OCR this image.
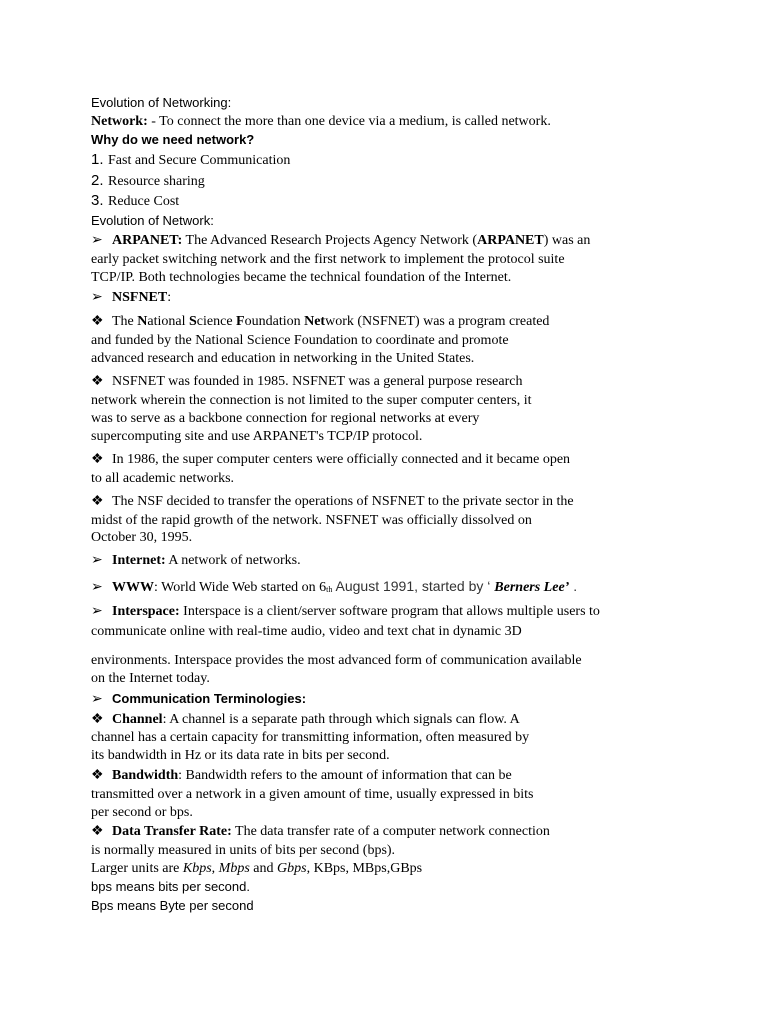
Evolution of Networking:
Network: - To connect the more than one device via a medium, is called network.
Why do we need network?
1. Fast and Secure Communication
2. Resource sharing
3. Reduce Cost
Evolution of Network:
➢ ARPANET: The Advanced Research Projects Agency Network (ARPANET) was an
early packet switching network and the first network to implement the protocol suite
TCP/IP. Both technologies became the technical foundation of the Internet.
➢ NSFNET:
❖ The National Science Foundation Network (NSFNET) was a program created
and funded by the National Science Foundation to coordinate and promote
advanced research and education in networking in the United States.
❖ NSFNET was founded in 1985. NSFNET was a general purpose research
network wherein the connection is not limited to the super computer centers, it
was to serve as a backbone connection for regional networks at every
supercomputing site and use ARPANET's TCP/IP protocol.
❖ In 1986, the super computer centers were officially connected and it became open
to all academic networks.
❖ The NSF decided to transfer the operations of NSFNET to the private sector in the
midst of the rapid growth of the network. NSFNET was officially dissolved on
October 30, 1995.
➢ Internet: A network of networks.
➢ WWW: World Wide Web started on 6th August 1991, started by ‘ Berners Lee’ .
➢ Interspace: Interspace is a client/server software program that allows multiple users to
communicate online with real-time audio, video and text chat in dynamic 3D
environments. Interspace provides the most advanced form of communication available
on the Internet today.
➢ Communication Terminologies:
❖ Channel: A channel is a separate path through which signals can flow. A
channel has a certain capacity for transmitting information, often measured by
its bandwidth in Hz or its data rate in bits per second.
❖ Bandwidth: Bandwidth refers to the amount of information that can be
transmitted over a network in a given amount of time, usually expressed in bits
per second or bps.
❖ Data Transfer Rate: The data transfer rate of a computer network connection
is normally measured in units of bits per second (bps).
Larger units are Kbps, Mbps and Gbps, KBps, MBps,GBps
bps means bits per second.
Bps means Byte per second
